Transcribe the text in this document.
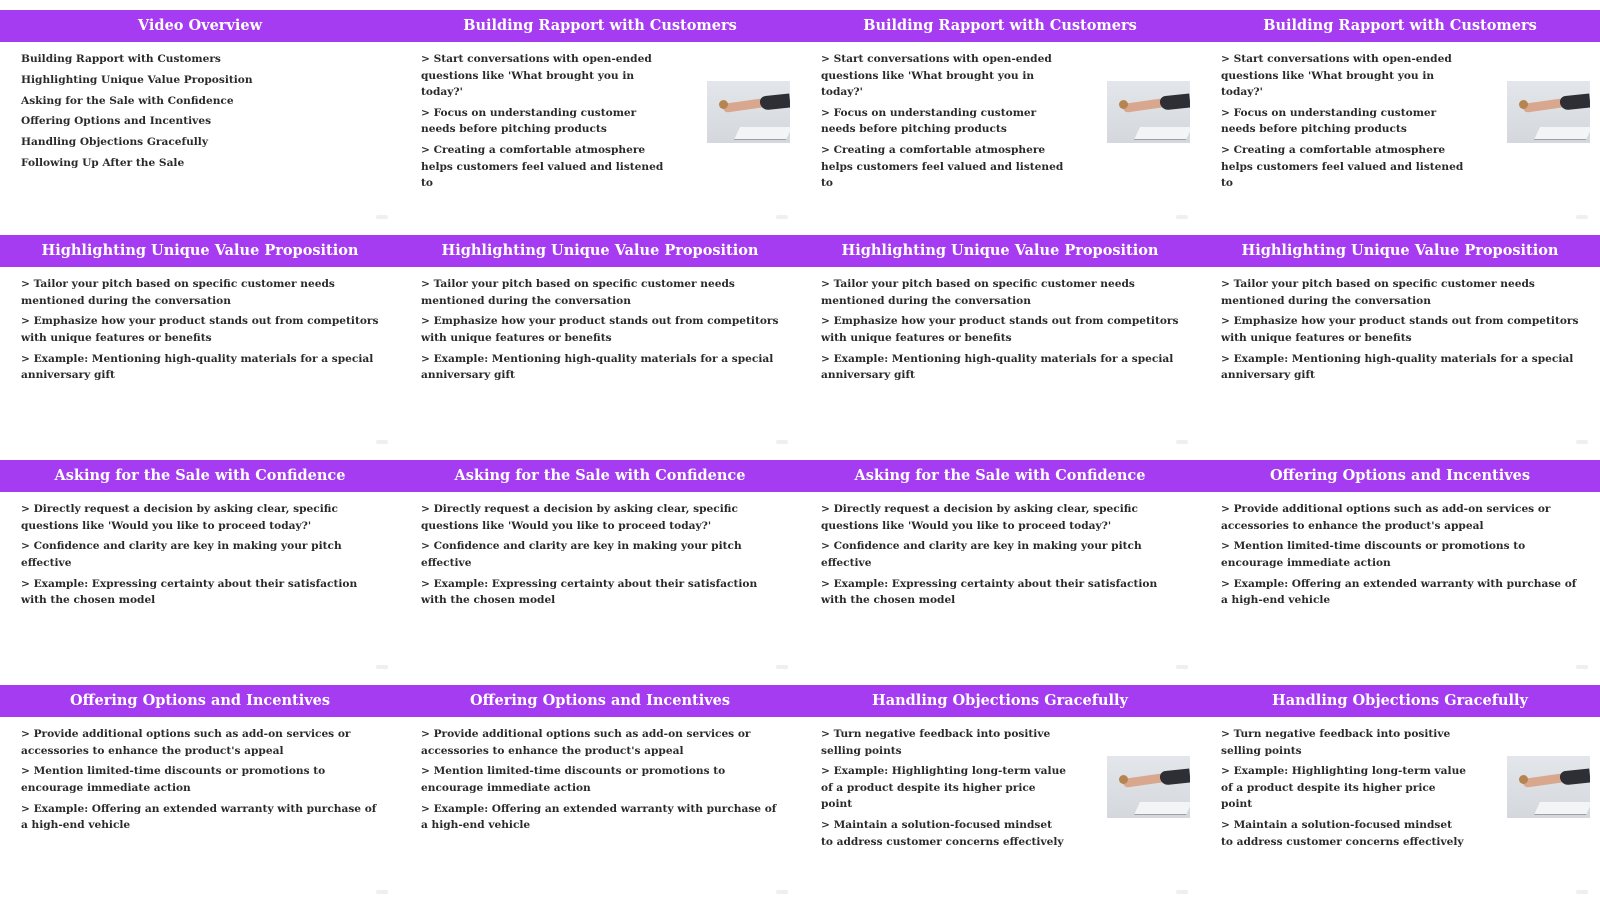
Video Overview
Building Rapport with Customers
Highlighting Unique Value Proposition
Asking for the Sale with Confidence
Offering Options and Incentives
Handling Objections Gracefully
Following Up After the Sale
Building Rapport with Customers
> Start conversations with open-ended questions like 'What brought you in today?'
> Focus on understanding customer needs before pitching products
> Creating a comfortable atmosphere helps customers feel valued and listened to
Building Rapport with Customers
> Start conversations with open-ended questions like 'What brought you in today?'
> Focus on understanding customer needs before pitching products
> Creating a comfortable atmosphere helps customers feel valued and listened to
Building Rapport with Customers
> Start conversations with open-ended questions like 'What brought you in today?'
> Focus on understanding customer needs before pitching products
> Creating a comfortable atmosphere helps customers feel valued and listened to
Highlighting Unique Value Proposition
> Tailor your pitch based on specific customer needs mentioned during the conversation
> Emphasize how your product stands out from competitors with unique features or benefits
> Example: Mentioning high-quality materials for a special anniversary gift
Highlighting Unique Value Proposition
> Tailor your pitch based on specific customer needs mentioned during the conversation
> Emphasize how your product stands out from competitors with unique features or benefits
> Example: Mentioning high-quality materials for a special anniversary gift
Highlighting Unique Value Proposition
> Tailor your pitch based on specific customer needs mentioned during the conversation
> Emphasize how your product stands out from competitors with unique features or benefits
> Example: Mentioning high-quality materials for a special anniversary gift
Highlighting Unique Value Proposition
> Tailor your pitch based on specific customer needs mentioned during the conversation
> Emphasize how your product stands out from competitors with unique features or benefits
> Example: Mentioning high-quality materials for a special anniversary gift
Asking for the Sale with Confidence
> Directly request a decision by asking clear, specific questions like 'Would you like to proceed today?'
> Confidence and clarity are key in making your pitch effective
> Example: Expressing certainty about their satisfaction with the chosen model
Asking for the Sale with Confidence
> Directly request a decision by asking clear, specific questions like 'Would you like to proceed today?'
> Confidence and clarity are key in making your pitch effective
> Example: Expressing certainty about their satisfaction with the chosen model
Asking for the Sale with Confidence
> Directly request a decision by asking clear, specific questions like 'Would you like to proceed today?'
> Confidence and clarity are key in making your pitch effective
> Example: Expressing certainty about their satisfaction with the chosen model
Offering Options and Incentives
> Provide additional options such as add-on services or accessories to enhance the product's appeal
> Mention limited-time discounts or promotions to encourage immediate action
> Example: Offering an extended warranty with purchase of a high-end vehicle
Offering Options and Incentives
> Provide additional options such as add-on services or accessories to enhance the product's appeal
> Mention limited-time discounts or promotions to encourage immediate action
> Example: Offering an extended warranty with purchase of a high-end vehicle
Offering Options and Incentives
> Provide additional options such as add-on services or accessories to enhance the product's appeal
> Mention limited-time discounts or promotions to encourage immediate action
> Example: Offering an extended warranty with purchase of a high-end vehicle
Handling Objections Gracefully
> Turn negative feedback into positive selling points
> Example: Highlighting long-term value of a product despite its higher price point
> Maintain a solution-focused mindset to address customer concerns effectively
Handling Objections Gracefully
> Turn negative feedback into positive selling points
> Example: Highlighting long-term value of a product despite its higher price point
> Maintain a solution-focused mindset to address customer concerns effectively
